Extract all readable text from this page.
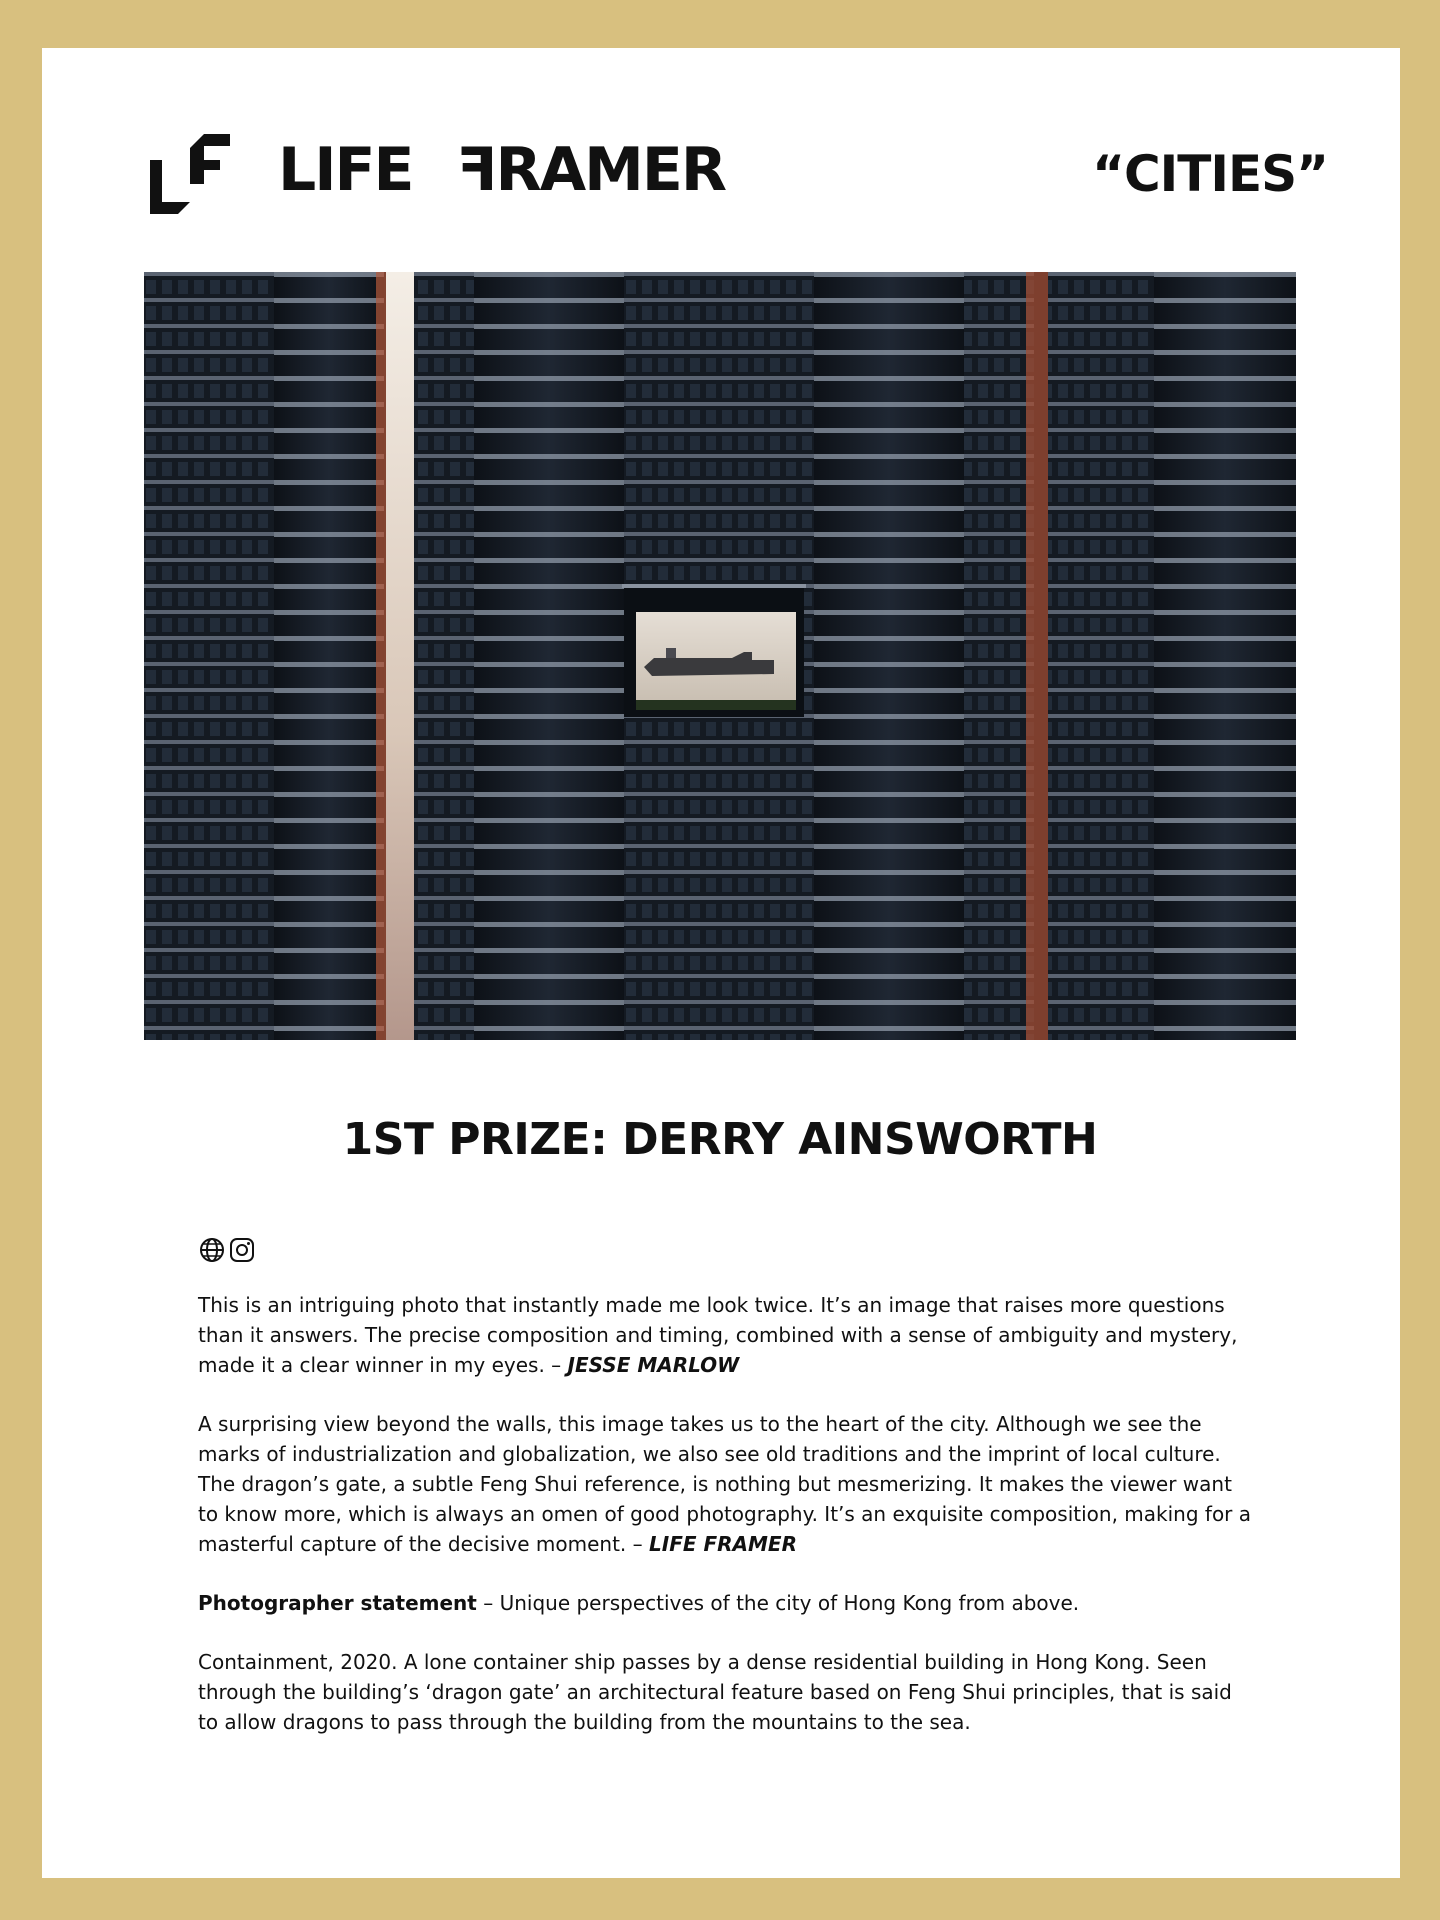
LIFE ꟻRAMER	“CITIES”
1ST PRIZE: DERRY AINSWORTH

This is an intriguing photo that instantly made me look twice. It’s an image that raises more questions than it answers. The precise composition and timing, combined with a sense of ambiguity and mystery, made it a clear winner in my eyes. – JESSE MARLOW

A surprising view beyond the walls, this image takes us to the heart of the city. Although we see the marks of industrialization and globalization, we also see old traditions and the imprint of local culture. The dragon’s gate, a subtle Feng Shui reference, is nothing but mesmerizing. It makes the viewer want to know more, which is always an omen of good photography. It’s an exquisite composition, making for a masterful capture of the decisive moment. – LIFE FRAMER

Photographer statement – Unique perspectives of the city of Hong Kong from above.

Containment, 2020. A lone container ship passes by a dense residential building in Hong Kong. Seen through the building’s ‘dragon gate’ an architectural feature based on Feng Shui principles, that is said to allow dragons to pass through the building from the mountains to the sea.
